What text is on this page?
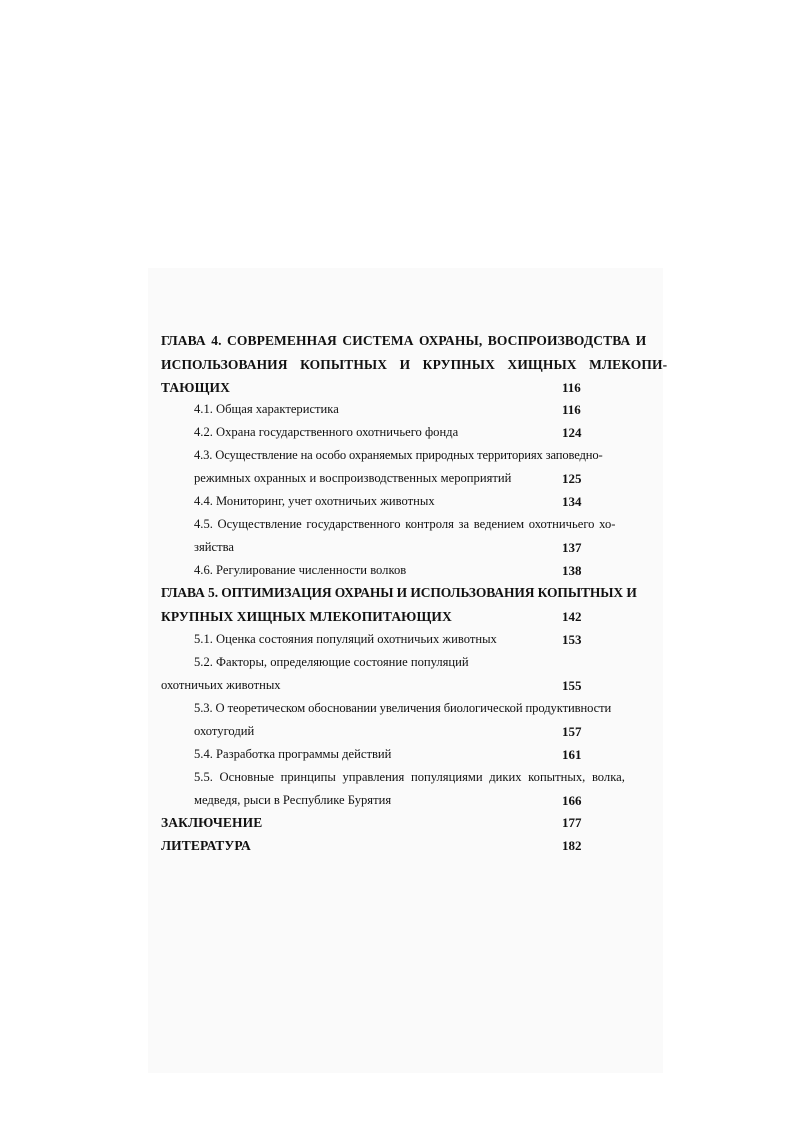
ГЛАВА 4. СОВРЕМЕННАЯ СИСТЕМА ОХРАНЫ, ВОСПРОИЗВОДСТВА И
ИСПОЛЬЗОВАНИЯ КОПЫТНЫХ И КРУПНЫХ ХИЩНЫХ МЛЕКОПИ-
ТАЮЩИХ	116
4.1. Общая характеристика	116
4.2. Охрана государственного охотничьего фонда	124
4.3. Осуществление на особо охраняемых природных территориях заповедно-
режимных охранных и воспроизводственных мероприятий	125
4.4. Мониторинг, учет охотничьих животных	134
4.5. Осуществление государственного контроля за ведением охотничьего хо-
зяйства	137
4.6. Регулирование численности волков	138
ГЛАВА 5. ОПТИМИЗАЦИЯ ОХРАНЫ И ИСПОЛЬЗОВАНИЯ КОПЫТНЫХ И
КРУПНЫХ ХИЩНЫХ МЛЕКОПИТАЮЩИХ	142
5.1. Оценка состояния популяций охотничьих животных	153
5.2. Факторы, определяющие состояние популяций
охотничьих животных	155
5.3. О теоретическом обосновании увеличения биологической продуктивности
охотугодий	157
5.4. Разработка программы действий	161
5.5. Основные принципы управления популяциями диких копытных, волка,
медведя, рыси в Республике Бурятия	166
ЗАКЛЮЧЕНИЕ	177
ЛИТЕРАТУРА	182
